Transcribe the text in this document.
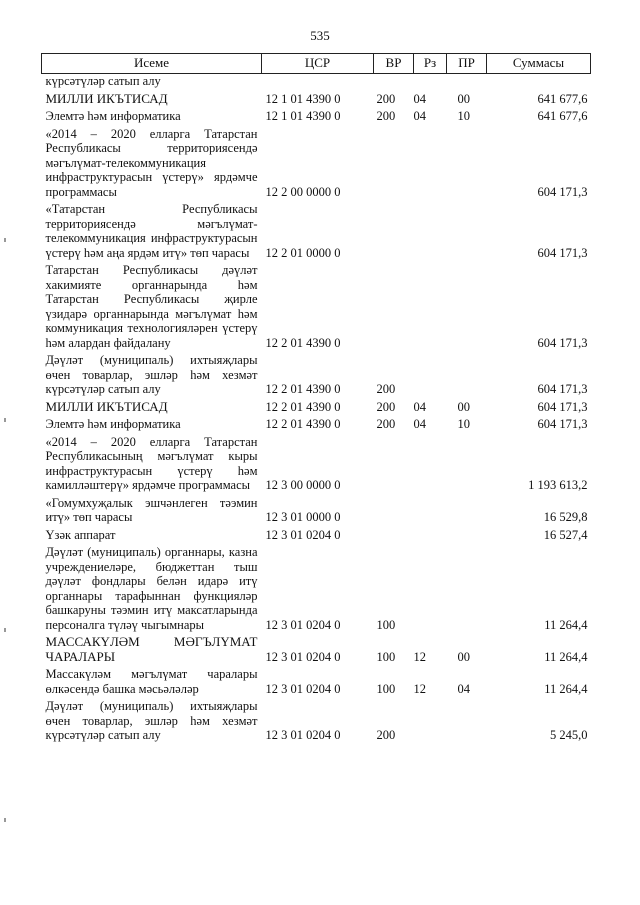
535
Исеме	ЦСР	ВР	Рз	ПР	Суммасы
күрсәтүләр сатып алу					
МИЛЛИ ИКЪТИСАД	12 1 01 4390 0	200	04	00	641 677,6
Элемтә һәм информатика	12 1 01 4390 0	200	04	10	641 677,6
«2014 – 2020 елларга Татарстан Республикасы территориясендә мәгълүмат-телекоммуникация инфраструктурасын үстерү» ярдәмче программасы	12 2 00 0000 0				604 171,3
«Татарстан Республикасы территориясендә мәгълүмат-телекоммуникация инфраструктурасын үстерү һәм аңа ярдәм итү» төп чарасы	12 2 01 0000 0				604 171,3
Татарстан Республикасы дәүләт хакимияте органнарында һәм Татарстан Республикасы җирле үзидарә органнарында мәгълүмат һәм коммуникация технологияләрен үстерү һәм алардан файдалану	12 2 01 4390 0				604 171,3
Дәүләт (муниципаль) ихтыяҗлары өчен товарлар, эшләр һәм хезмәт күрсәтүләр сатып алу	12 2 01 4390 0	200			604 171,3
МИЛЛИ ИКЪТИСАД	12 2 01 4390 0	200	04	00	604 171,3
Элемтә һәм информатика	12 2 01 4390 0	200	04	10	604 171,3
«2014 – 2020 елларга Татарстан Республикасының мәгълүмат кыры инфраструктурасын үстерү һәм камилләштерү» ярдәмче программасы	12 3 00 0000 0				1 193 613,2
«Гомумхуҗалык эшчәнлеген тәэмин итү» төп чарасы	12 3 01 0000 0				16 529,8
Үзәк аппарат	12 3 01 0204 0				16 527,4
Дәүләт (муниципаль) органнары, казна учреждениеләре, бюджеттан тыш дәүләт фондлары белән идарә итү органнары тарафыннан функцияләр башкаруны тәэмин итү максатларында персоналга түләү чыгымнары	12 3 01 0204 0	100			11 264,4
МАССАКҮЛӘМ МӘГЪЛҮМАТ ЧАРАЛАРЫ	12 3 01 0204 0	100	12	00	11 264,4
Массакүләм мәгълүмат чаралары өлкәсендә башка мәсьәләләр	12 3 01 0204 0	100	12	04	11 264,4
Дәүләт (муниципаль) ихтыяҗлары өчен товарлар, эшләр һәм хезмәт күрсәтүләр сатып алу	12 3 01 0204 0	200			5 245,0
